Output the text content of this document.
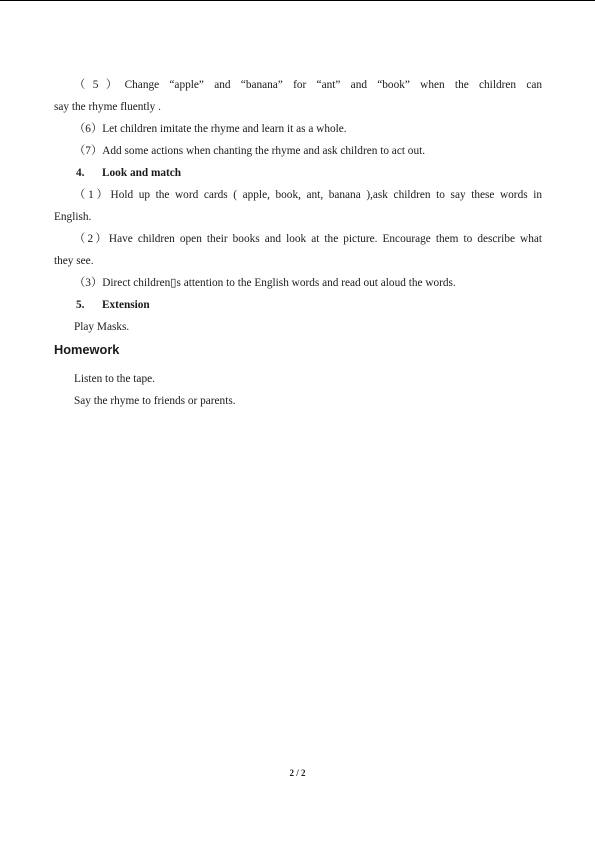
（5）Change “apple” and “banana” for “ant” and “book” when the children can

say the rhyme fluently .

（6）Let children imitate the rhyme and learn it as a whole.

（7）Add some actions when chanting the rhyme and ask children to act out.

4. Look and match

（1）Hold up the word cards ( apple, book, ant, banana ),ask children to say these words in

English.

（2）Have children open their books and look at the picture. Encourage them to describe what

they see.

（3）Direct children▯s attention to the English words and read out aloud the words.

5. Extension

Play Masks.

Homework

Listen to the tape.

Say the rhyme to friends or parents.

2 / 2
